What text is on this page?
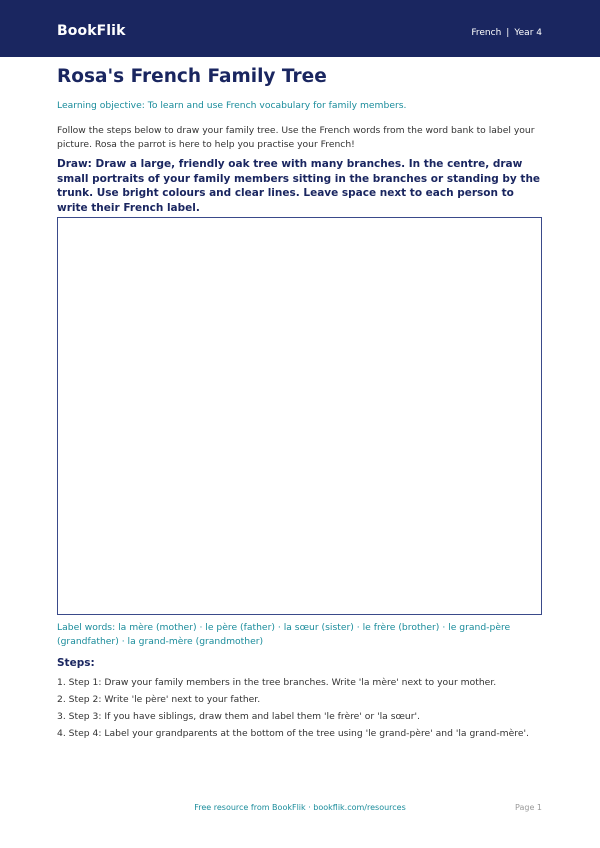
BookFlik	French | Year 4
Rosa's French Family Tree
Learning objective: To learn and use French vocabulary for family members.
Follow the steps below to draw your family tree. Use the French words from the word bank to label your picture. Rosa the parrot is here to help you practise your French!
Draw: Draw a large, friendly oak tree with many branches. In the centre, draw small portraits of your family members sitting in the branches or standing by the trunk. Use bright colours and clear lines. Leave space next to each person to write their French label.
Label words: la mère (mother) · le père (father) · la sœur (sister) · le frère (brother) · le grand-père (grandfather) · la grand-mère (grandmother)
Steps:
1. Step 1: Draw your family members in the tree branches. Write 'la mère' next to your mother.
2. Step 2: Write 'le père' next to your father.
3. Step 3: If you have siblings, draw them and label them 'le frère' or 'la sœur'.
4. Step 4: Label your grandparents at the bottom of the tree using 'le grand-père' and 'la grand-mère'.
Free resource from BookFlik · bookflik.com/resources	Page 1
